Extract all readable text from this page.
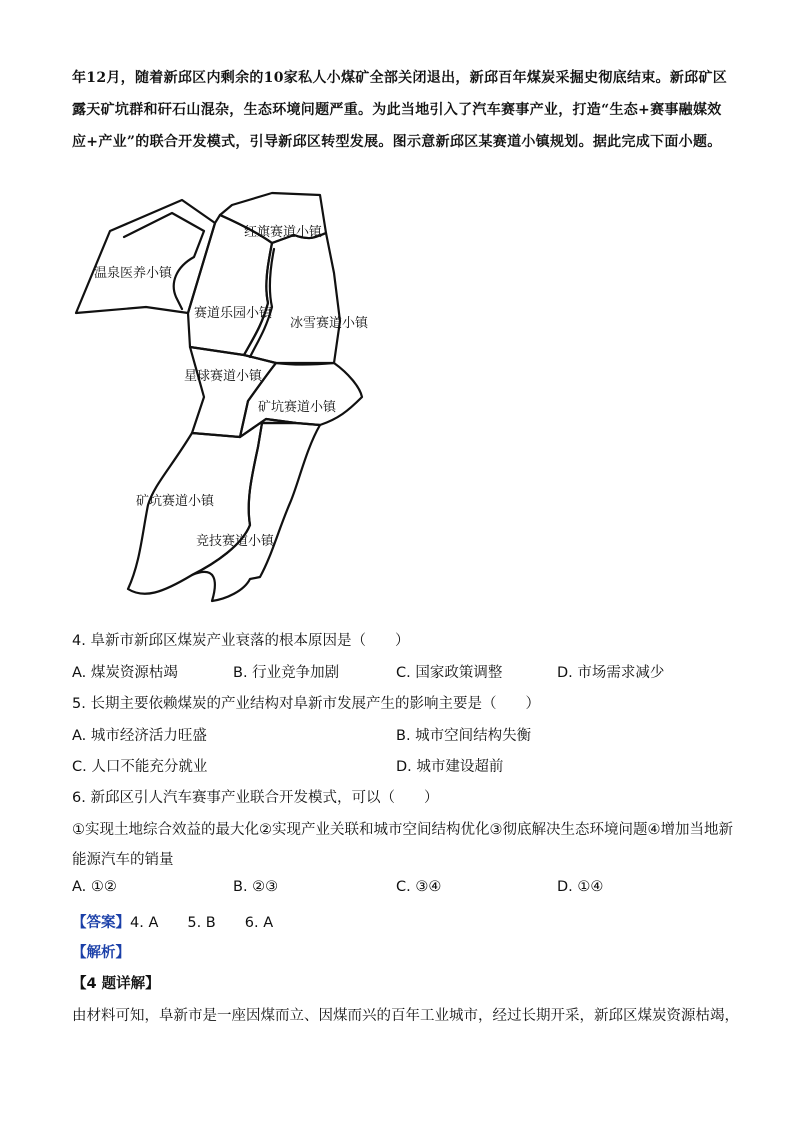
年12月，随着新邱区内剩余的10家私人小煤矿全部关闭退出，新邱百年煤炭采掘史彻底结束。新邱矿区

露天矿坑群和矸石山混杂，生态环境问题严重。为此当地引入了汽车赛事产业，打造“生态+赛事融媒效

应+产业”的联合开发模式，引导新邱区转型发展。图示意新邱区某赛道小镇规划。据此完成下面小题。

红旗赛道小镇
温泉医养小镇
赛道乐园小镇
冰雪赛道小镇
星球赛道小镇
矿坑赛道小镇
矿坑赛道小镇
竞技赛道小镇
4. 阜新市新邱区煤炭产业衰落的根本原因是（　　）
A. 煤炭资源枯竭	B. 行业竞争加剧	C. 国家政策调整	D. 市场需求减少
5. 长期主要依赖煤炭的产业结构对阜新市发展产生的影响主要是（　　）
A. 城市经济活力旺盛	B. 城市空间结构失衡
C. 人口不能充分就业	D. 城市建设超前
6. 新邱区引人汽车赛事产业联合开发模式，可以（　　）
①实现土地综合效益的最大化②实现产业关联和城市空间结构优化③彻底解决生态环境问题④增加当地新
能源汽车的销量
A. ①②	B. ②③	C. ③④	D. ①④
【答案】4. A　　5. B　　6. A
【解析】
【4 题详解】
由材料可知，阜新市是一座因煤而立、因煤而兴的百年工业城市，经过长期开采，新邱区煤炭资源枯竭，
